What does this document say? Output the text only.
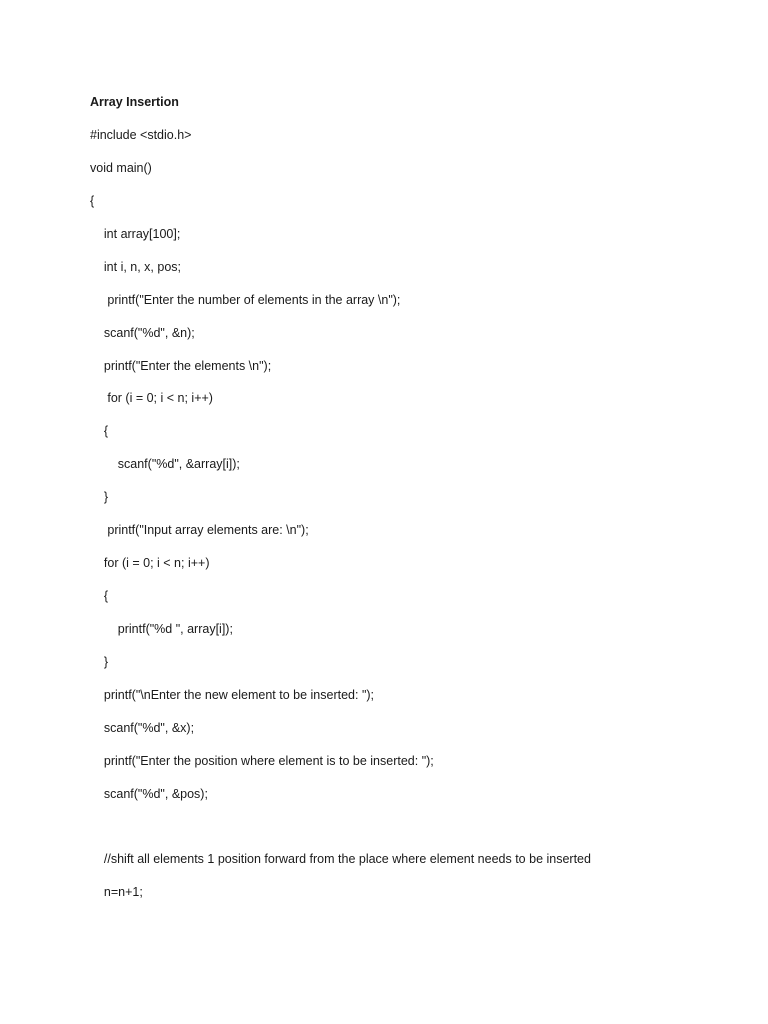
Array Insertion
#include <stdio.h>
void main()
{
int array[100];
int i, n, x, pos;
printf("Enter the number of elements in the array \n");
scanf("%d", &n);
printf("Enter the elements \n");
for (i = 0; i < n; i++)
{
scanf("%d", &array[i]);
}
printf("Input array elements are: \n");
for (i = 0; i < n; i++)
{
printf("%d ", array[i]);
}
printf("\nEnter the new element to be inserted: ");
scanf("%d", &x);
printf("Enter the position where element is to be inserted: ");
scanf("%d", &pos);
//shift all elements 1 position forward from the place where element needs to be inserted
n=n+1;
